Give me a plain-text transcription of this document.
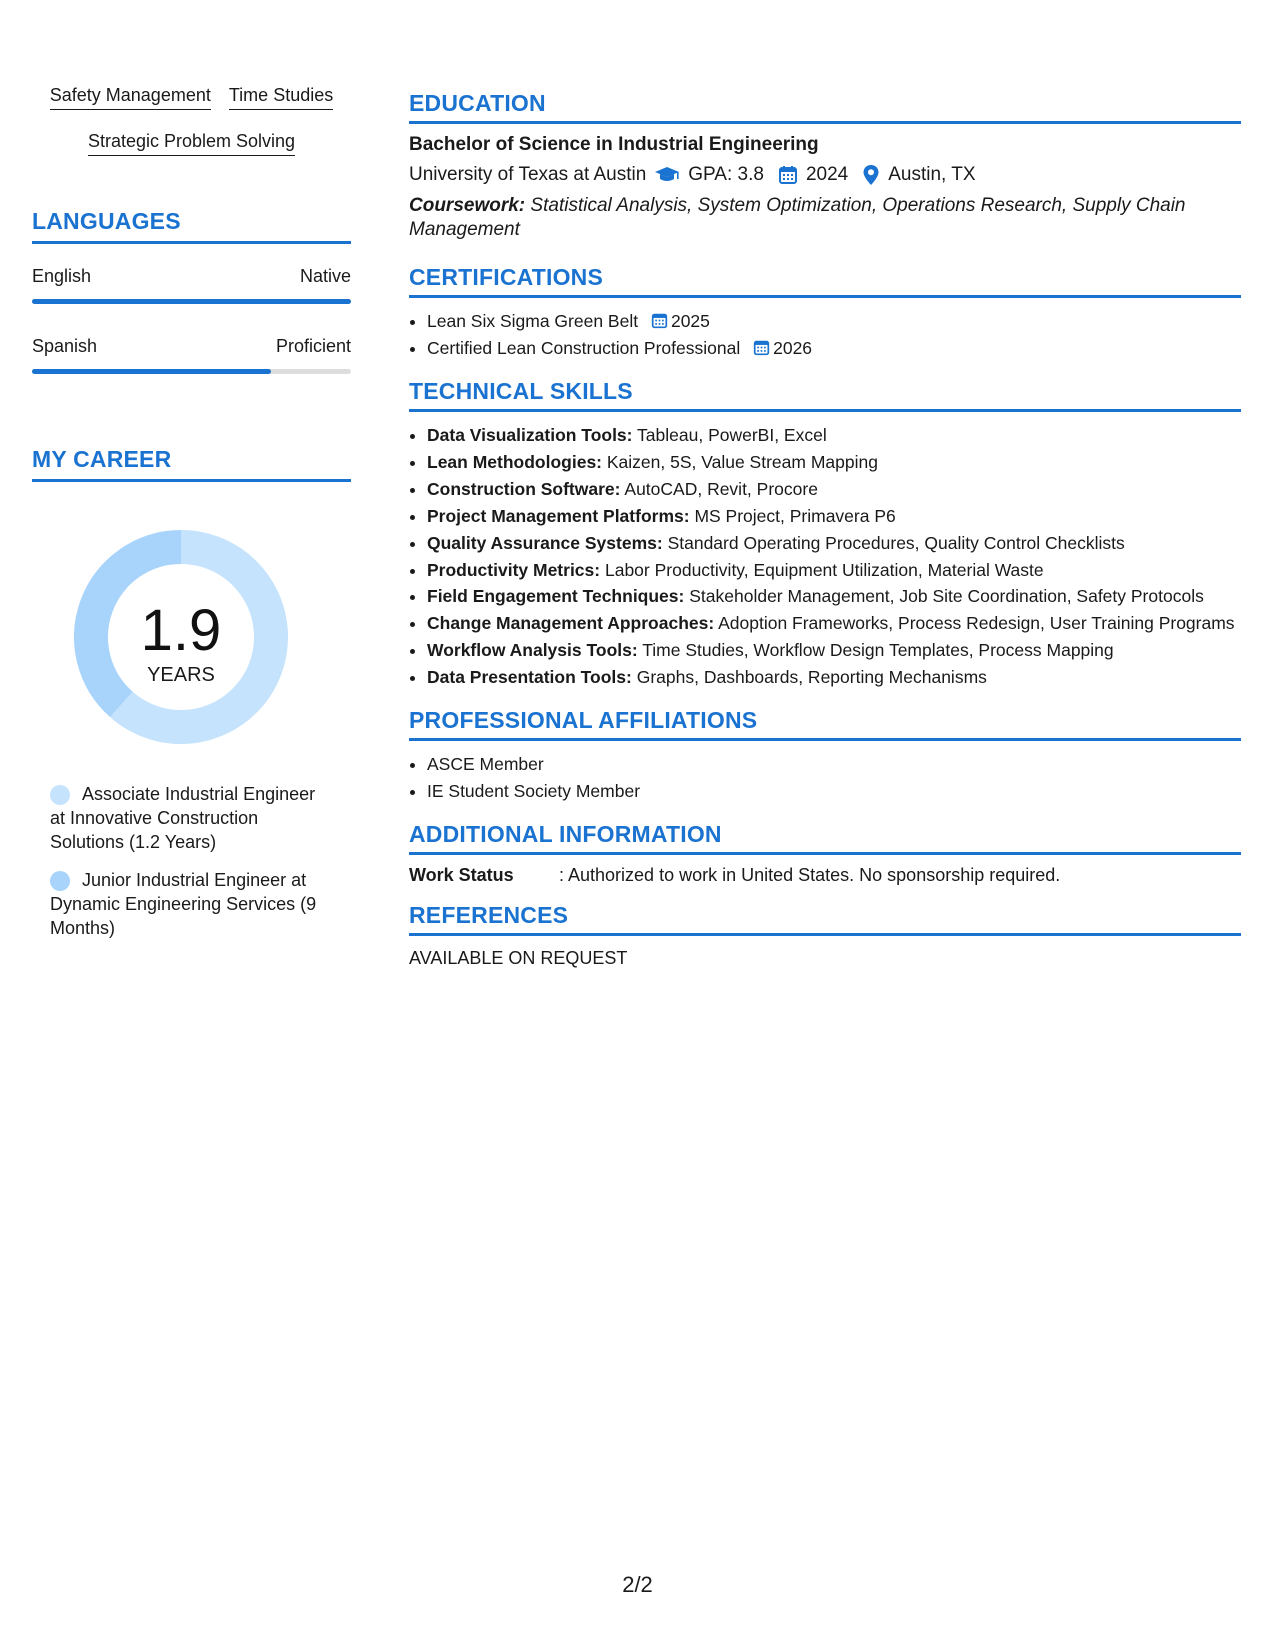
Safety Management Time Studies
Strategic Problem Solving
LANGUAGES
English	Native
Spanish	Proficient
MY CAREER
1.9
YEARS
Associate Industrial Engineer at Innovative Construction Solutions (1.2 Years)
Junior Industrial Engineer at Dynamic Engineering Services (9 Months)
EDUCATION
Bachelor of Science in Industrial Engineering
University of Texas at Austin GPA: 3.8 2024 Austin, TX
Coursework: Statistical Analysis, System Optimization, Operations Research, Supply Chain Management
CERTIFICATIONS
• Lean Six Sigma Green Belt 2025
• Certified Lean Construction Professional 2026
TECHNICAL SKILLS
• Data Visualization Tools: Tableau, PowerBI, Excel
• Lean Methodologies: Kaizen, 5S, Value Stream Mapping
• Construction Software: AutoCAD, Revit, Procore
• Project Management Platforms: MS Project, Primavera P6
• Quality Assurance Systems: Standard Operating Procedures, Quality Control Checklists
• Productivity Metrics: Labor Productivity, Equipment Utilization, Material Waste
• Field Engagement Techniques: Stakeholder Management, Job Site Coordination, Safety Protocols
• Change Management Approaches: Adoption Frameworks, Process Redesign, User Training Programs
• Workflow Analysis Tools: Time Studies, Workflow Design Templates, Process Mapping
• Data Presentation Tools: Graphs, Dashboards, Reporting Mechanisms
PROFESSIONAL AFFILIATIONS
• ASCE Member
• IE Student Society Member
ADDITIONAL INFORMATION
Work Status	: Authorized to work in United States. No sponsorship required.
REFERENCES
AVAILABLE ON REQUEST
2/2
